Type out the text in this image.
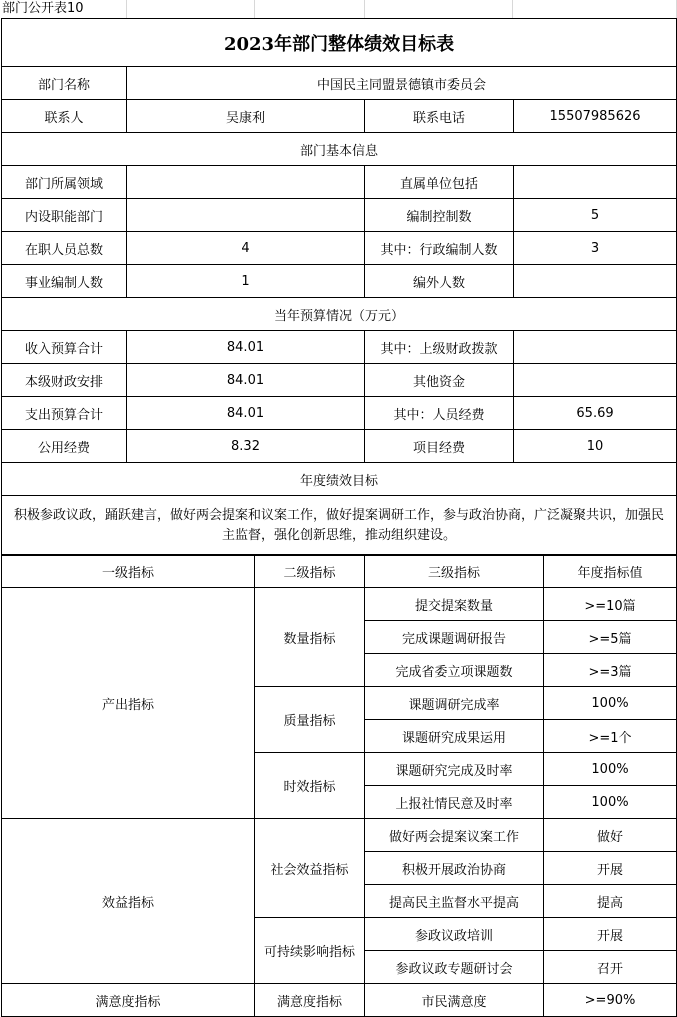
部门公开表10
2023年部门整体绩效目标表			
部门名称	中国民主同盟景德镇市委员会		
联系人	吴康利	联系电话	15507985626
部门基本信息			
部门所属领域		直属单位包括	
内设职能部门		编制控制数	5
在职人员总数	4	其中：行政编制人数	3
事业编制人数	1	编外人数	
当年预算情况（万元）			
收入预算合计	84.01	其中：上级财政拨款	
本级财政安排	84.01	其他资金	
支出预算合计	84.01	其中：人员经费	65.69
公用经费	8.32	项目经费	10
年度绩效目标			
积极参政议政，踊跃建言，做好两会提案和议案工作，做好提案调研工作，参与政治协商，广泛凝聚共识，加强民主监督，强化创新思维，推动组织建设。			
一级指标	二级指标	三级指标	年度指标值
产出指标	数量指标	提交提案数量	>=10篇
		完成课题调研报告	>=5篇
		完成省委立项课题数	>=3篇
	质量指标	课题调研完成率	100%
		课题研究成果运用	>=1个
	时效指标	课题研究完成及时率	100%
		上报社情民意及时率	100%
效益指标	社会效益指标	做好两会提案议案工作	做好
		积极开展政治协商	开展
		提高民主监督水平提高	提高
	可持续影响指标	参政议政培训	开展
		参政议政专题研讨会	召开
满意度指标	满意度指标	市民满意度	>=90%
